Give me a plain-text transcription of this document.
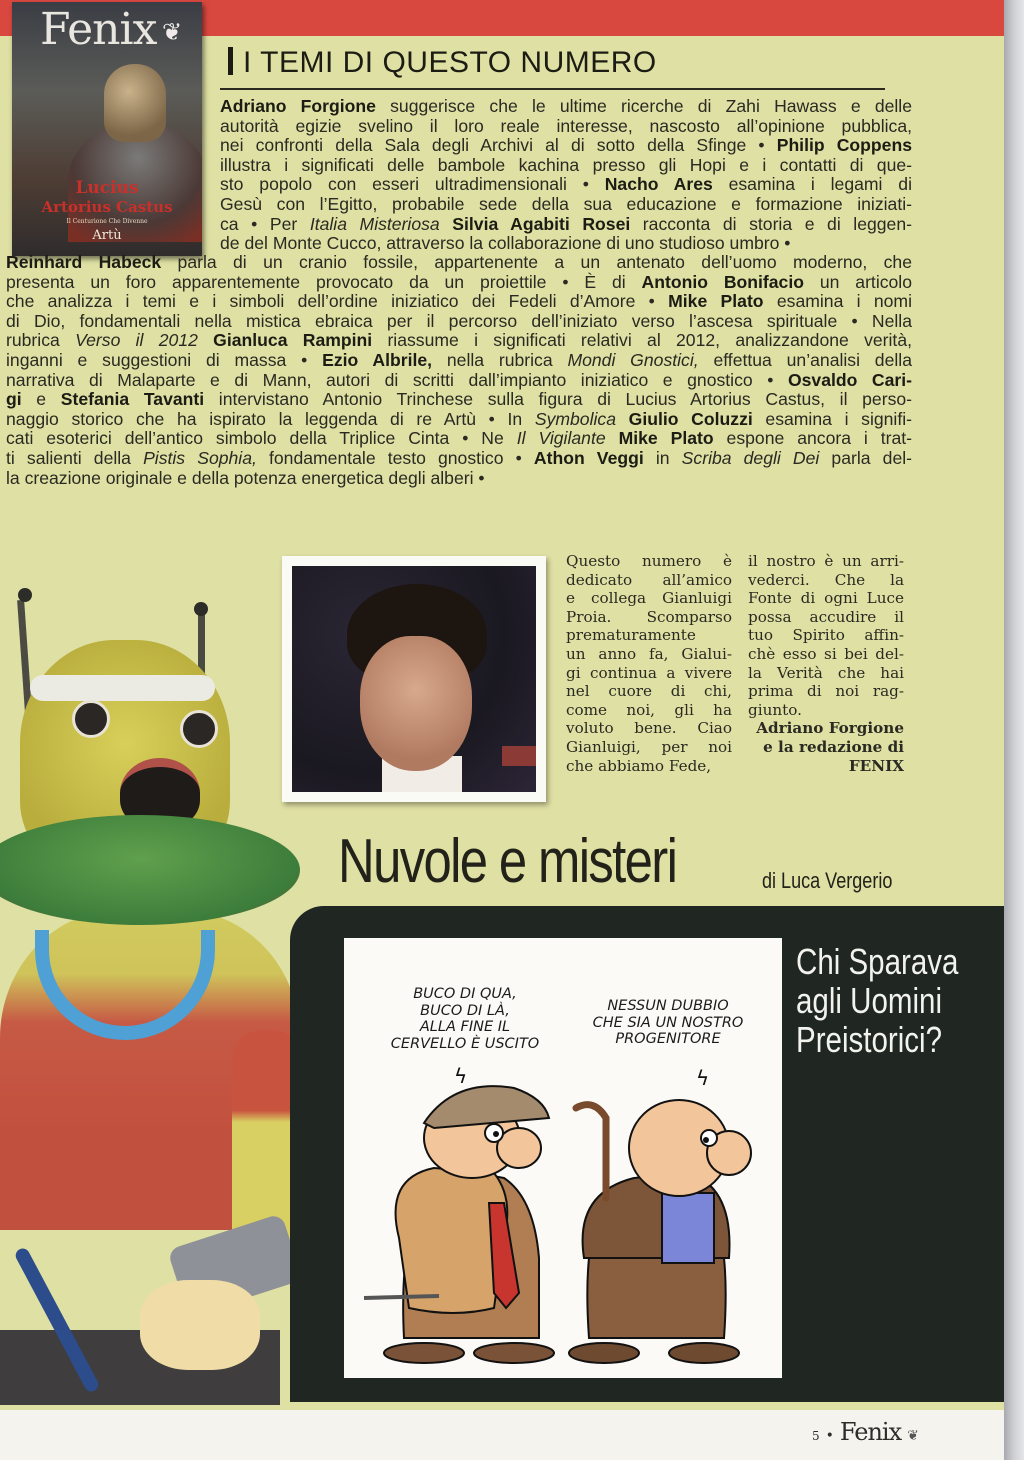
Fenix ❦
Lucius
Artorius Castus
Il Centurione Che Divenne
Artù
I TEMI DI QUESTO NUMERO
Adriano Forgione suggerisce che le ultime ricerche di Zahi Hawass e delle
autorità egizie svelino il loro reale interesse, nascosto all’opinione pubblica,
nei confronti della Sala degli Archivi al di sotto della Sfinge • Philip Coppens
illustra i significati delle bambole kachina presso gli Hopi e i contatti di que-
sto popolo con esseri ultradimensionali • Nacho Ares esamina i legami di
Gesù con l’Egitto, probabile sede della sua educazione e formazione iniziati-
ca • Per Italia Misteriosa Silvia Agabiti Rosei racconta di storia e di leggen-
de del Monte Cucco, attraverso la collaborazione di uno studioso umbro •
Reinhard Habeck parla di un cranio fossile, appartenente a un antenato dell’uomo moderno, che
presenta un foro apparentemente provocato da un proiettile • È di Antonio Bonifacio un articolo
che analizza i temi e i simboli dell’ordine iniziatico dei Fedeli d’Amore • Mike Plato esamina i nomi
di Dio, fondamentali nella mistica ebraica per il percorso dell’iniziato verso l’ascesa spirituale • Nella
rubrica Verso il 2012 Gianluca Rampini riassume i significati relativi al 2012, analizzandone verità,
inganni e suggestioni di massa • Ezio Albrile, nella rubrica Mondi Gnostici, effettua un’analisi della
narrativa di Malaparte e di Mann, autori di scritti dall’impianto iniziatico e gnostico • Osvaldo Cari-
gi e Stefania Tavanti intervistano Antonio Trinchese sulla figura di Lucius Artorius Castus, il perso-
naggio storico che ha ispirato la leggenda di re Artù • In Symbolica Giulio Coluzzi esamina i signifi-
cati esoterici dell’antico simbolo della Triplice Cinta • Ne Il Vigilante Mike Plato espone ancora i trat-
ti salienti della Pistis Sophia, fondamentale testo gnostico • Athon Veggi in Scriba degli Dei parla del-
la creazione originale e della potenza energetica degli alberi •
Questo numero è
dedicato all’amico
e collega Gianluigi
Proia. Scomparso
prematuramente
un anno fa, Gialui-
gi continua a vivere
nel cuore di chi,
come noi, gli ha
voluto bene. Ciao
Gianluigi, per noi
che abbiamo Fede,
il nostro è un arri-
vederci. Che la
Fonte di ogni Luce
possa accudire il
tuo Spirito affin-
chè esso si bei del-
la Verità che hai
prima di noi rag-
giunto.
Adriano Forgione
e la redazione di
FENIX
Nuvole e misteri	di Luca Vergerio
BUCO DI QUA,
BUCO DI LÀ,
ALLA FINE IL
CERVELLO È USCITO
NESSUN DUBBIO
CHE SIA UN NOSTRO
PROGENITORE
ϟ	ϟ
Chi Sparava
agli Uomini
Preistorici?
5 • Fenix ❦
